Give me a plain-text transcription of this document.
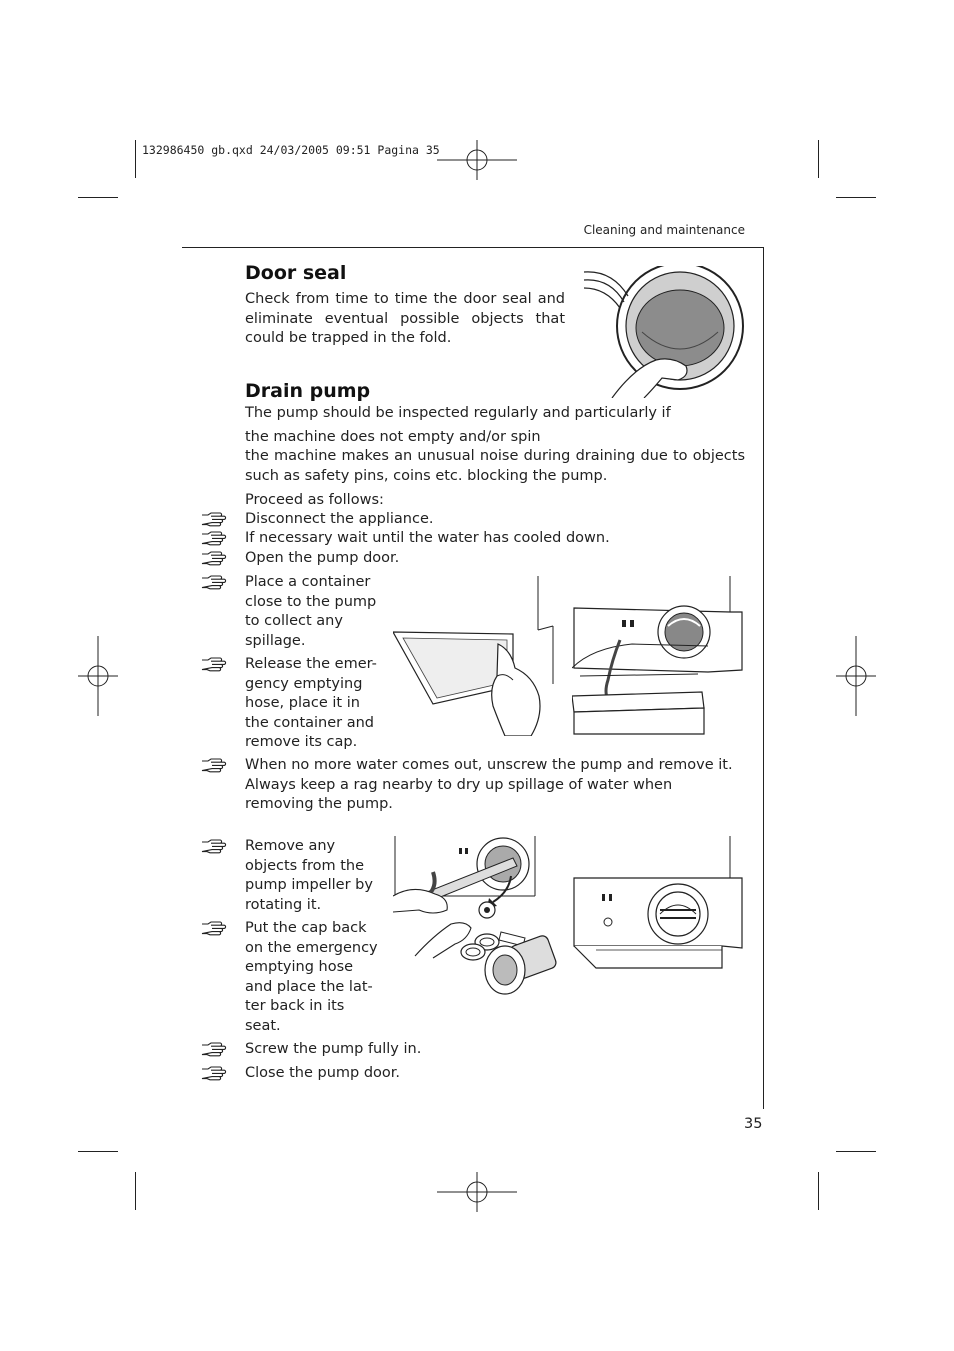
132986450 gb.qxd 24/03/2005 09:51 Pagina 35
Cleaning and maintenance
35
Door seal
Check from time to time the door seal and eliminate eventual possible objects that could be trapped in the fold.
Drain pump
The pump should be inspected regularly and particularly if
the machine does not empty and/or spin
the machine makes an unusual noise during draining due to objects such as safety pins, coins etc. blocking the pump.
Proceed as follows:
Disconnect the appliance.
If necessary wait until the water has cooled down.
Open the pump door.
Place a container close to the pump to collect any spillage.
Release the emer-gency emptying hose, place it in the container and remove its cap.
When no more water comes out, unscrew the pump and remove it. Always keep a rag nearby to dry up spillage of water when removing the pump.
Remove any objects from the pump impeller by rotating it.
Put the cap back on the emergency emptying hose and place the lat-ter back in its seat.
Screw the pump fully in.
Close the pump door.
